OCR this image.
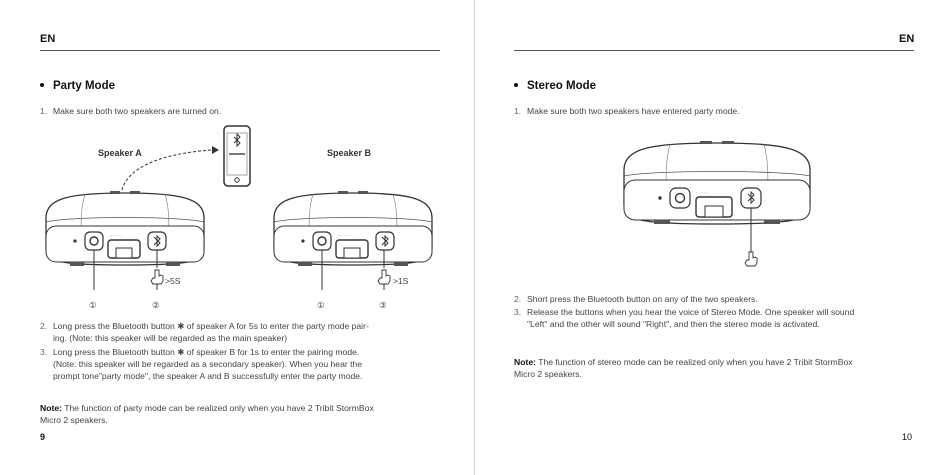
EN
Party Mode
1. Make sure both two speakers are turned on.
Speaker A	Speaker B
·· · · · ·	·· · · · ·
>5S	>1S
①	②	①	③
2. Long press the Bluetooth button ✱ of speaker A for 5s to enter the party mode pair-
ing. (Note: this speaker will be regarded as the main speaker)
3. Long press the Bluetooth button ✱ of speaker B for 1s to enter the pairing mode.
(Note: this speaker will be regarded as a secondary speaker). When you hear the
prompt tone"party mode", the speaker A and B successfully enter the party mode.
Note: The function of party mode can be realized only when you have 2 Tribit StormBox
Micro 2 speakers.
9
EN
Stereo Mode
1. Make sure both two speakers have entered party mode.
·· · · · ·
2. Short press the Bluetooth button on any of the two speakers.
3. Release the buttons when you hear the voice of Stereo Mode. One speaker will sound
"Left" and the other will sound "Right", and then the stereo mode is activated.
Note: The function of stereo mode can be realized only when you have 2 Tribit StormBox
Micro 2 speakers.
10
